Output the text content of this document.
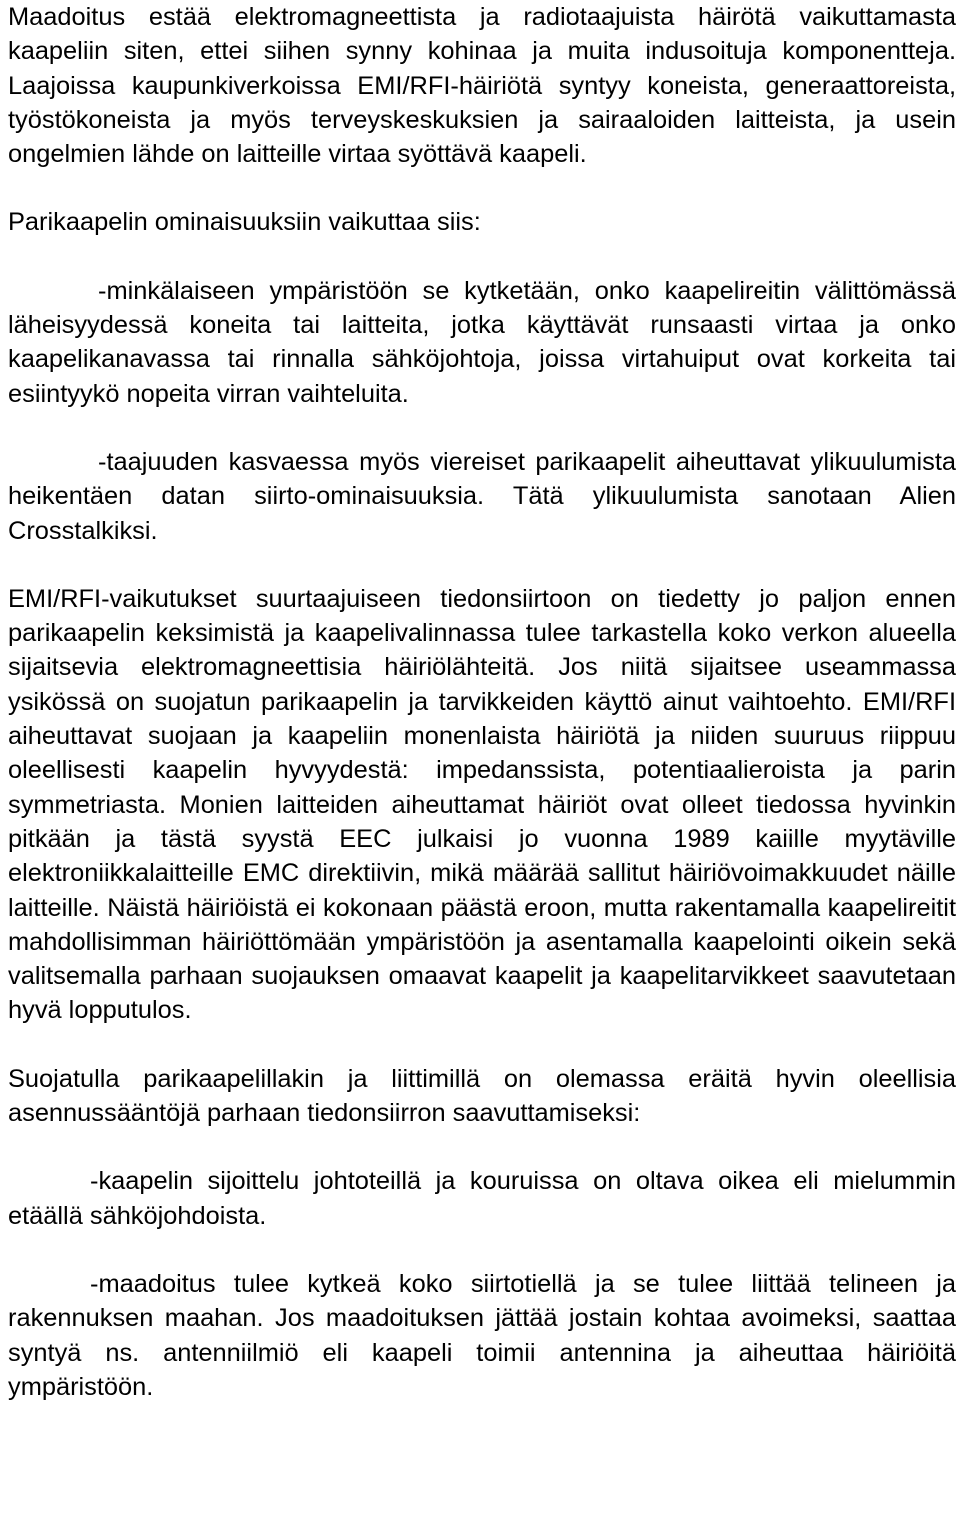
Maadoitus estää elektromagneettista ja radiotaajuista häirötä vaikuttamasta kaapeliin siten, ettei siihen synny kohinaa ja muita indusoituja komponentteja. Laajoissa kaupunkiverkoissa EMI/RFI-häiriötä syntyy koneista, generaattoreista, työstökoneista ja myös terveyskeskuksien ja sairaaloiden laitteista, ja usein ongelmien lähde on laitteille virtaa syöttävä kaapeli.

Parikaapelin ominaisuuksiin vaikuttaa siis:

-minkälaiseen ympäristöön se kytketään, onko kaapelireitin välittömässä läheisyydessä koneita tai laitteita, jotka käyttävät runsaasti virtaa ja onko kaapelikanavassa tai rinnalla sähköjohtoja, joissa virtahuiput ovat korkeita tai esiintyykö nopeita virran vaihteluita.

-taajuuden kasvaessa myös viereiset parikaapelit aiheuttavat ylikuulumista heikentäen datan siirto-ominaisuuksia. Tätä ylikuulumista sanotaan Alien Crosstalkiksi.

EMI/RFI-vaikutukset suurtaajuiseen tiedonsiirtoon on tiedetty jo paljon ennen parikaapelin keksimistä ja kaapelivalinnassa tulee tarkastella koko verkon alueella sijaitsevia elektromagneettisia häiriölähteitä. Jos niitä sijaitsee useammassa ysikössä on suojatun parikaapelin ja tarvikkeiden käyttö ainut vaihtoehto. EMI/RFI aiheuttavat suojaan ja kaapeliin monenlaista häiriötä ja niiden suuruus riippuu oleellisesti kaapelin hyvyydestä: impedanssista, potentiaalieroista ja parin symmetriasta. Monien laitteiden aiheuttamat häiriöt ovat olleet tiedossa hyvinkin pitkään ja tästä syystä EEC julkaisi jo vuonna 1989 kaiille myytäville elektroniikkalaitteille EMC direktiivin, mikä määrää sallitut häiriövoimakkuudet näille laitteille. Näistä häiriöistä ei kokonaan päästä eroon, mutta rakentamalla kaapelireitit mahdollisimman häiriöttömään ympäristöön ja asentamalla kaapelointi oikein sekä valitsemalla parhaan suojauksen omaavat kaapelit ja kaapelitarvikkeet saavutetaan hyvä lopputulos.

Suojatulla parikaapelillakin ja liittimillä on olemassa eräitä hyvin oleellisia asennussääntöjä parhaan tiedonsiirron saavuttamiseksi:

-kaapelin sijoittelu johtoteillä ja kouruissa on oltava oikea eli mielummin etäällä sähköjohdoista.

-maadoitus tulee kytkeä koko siirtotiellä ja se tulee liittää telineen ja rakennuksen maahan. Jos maadoituksen jättää jostain kohtaa avoimeksi, saattaa syntyä ns. antenniilmiö eli kaapeli toimii antennina ja aiheuttaa häiriöitä ympäristöön.
